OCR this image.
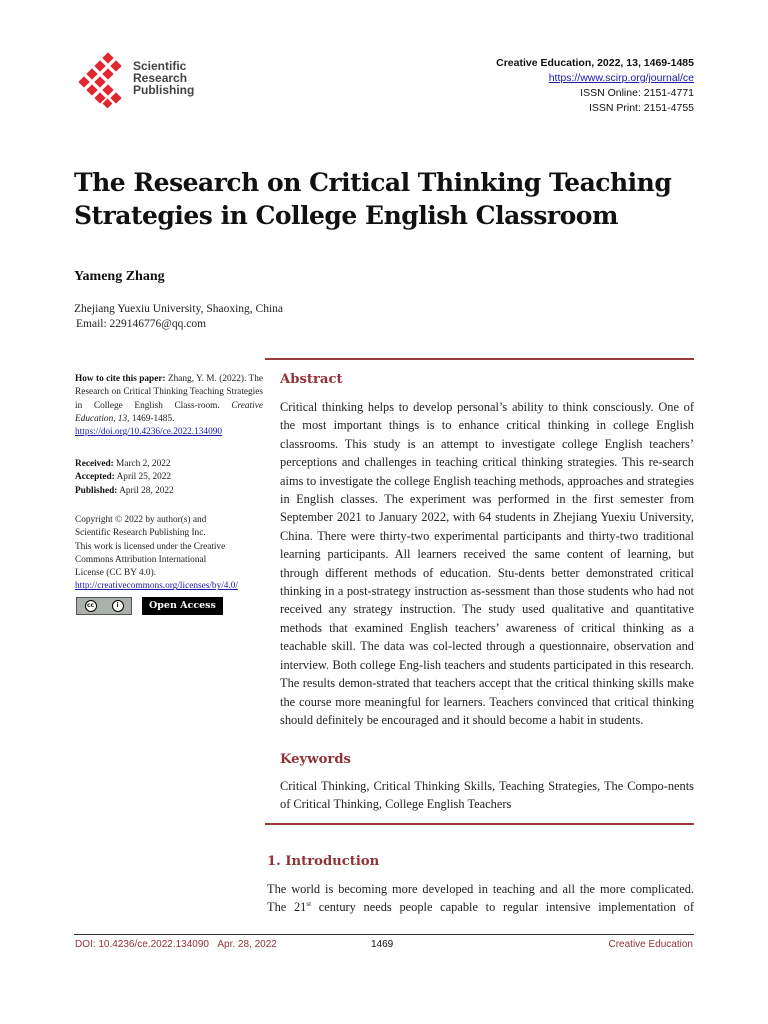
Scientific
Research
Publishing
Creative Education, 2022, 13, 1469-1485
https://www.scirp.org/journal/ce
ISSN Online: 2151-4771
ISSN Print: 2151-4755
The Research on Critical Thinking Teaching
Strategies in College English Classroom
Yameng Zhang
Zhejiang Yuexiu University, Shaoxing, China
Email: 229146776@qq.com
How to cite this paper: Zhang, Y. M. (2022). The Research on Critical Thinking Teaching Strategies in College English Class-room. Creative Education, 13, 1469-1485.
https://doi.org/10.4236/ce.2022.134090
Received: March 2, 2022
Accepted: April 25, 2022
Published: April 28, 2022
Copyright © 2022 by author(s) and
Scientific Research Publishing Inc.
This work is licensed under the Creative
Commons Attribution International
License (CC BY 4.0).
http://creativecommons.org/licenses/by/4.0/
cc	i	Open Access
Abstract
Critical thinking helps to develop personal’s ability to think consciously. One of the most important things is to enhance critical thinking in college English classrooms. This study is an attempt to investigate college English teachers’ perceptions and challenges in teaching critical thinking strategies. This re-search aims to investigate the college English teaching methods, approaches and strategies in English classes. The experiment was performed in the first semester from September 2021 to January 2022, with 64 students in Zhejiang Yuexiu University, China. There were thirty-two experimental participants and thirty-two traditional learning participants. All learners received the same content of learning, but through different methods of education. Stu-dents better demonstrated critical thinking in a post-strategy instruction as-sessment than those students who had not received any strategy instruction. The study used qualitative and quantitative methods that examined English teachers’ awareness of critical thinking as a teachable skill. The data was col-lected through a questionnaire, observation and interview. Both college Eng-lish teachers and students participated in this research. The results demon-strated that teachers accept that the critical thinking skills make the course more meaningful for learners. Teachers convinced that critical thinking should definitely be encouraged and it should become a habit in students.
Keywords
Critical Thinking, Critical Thinking Skills, Teaching Strategies, The Compo-nents of Critical Thinking, College English Teachers
1. Introduction
The world is becoming more developed in teaching and all the more complicated.
The 21st century needs people capable to regular intensive implementation of
DOI: 10.4236/ce.2022.134090 Apr. 28, 2022	1469	Creative Education
